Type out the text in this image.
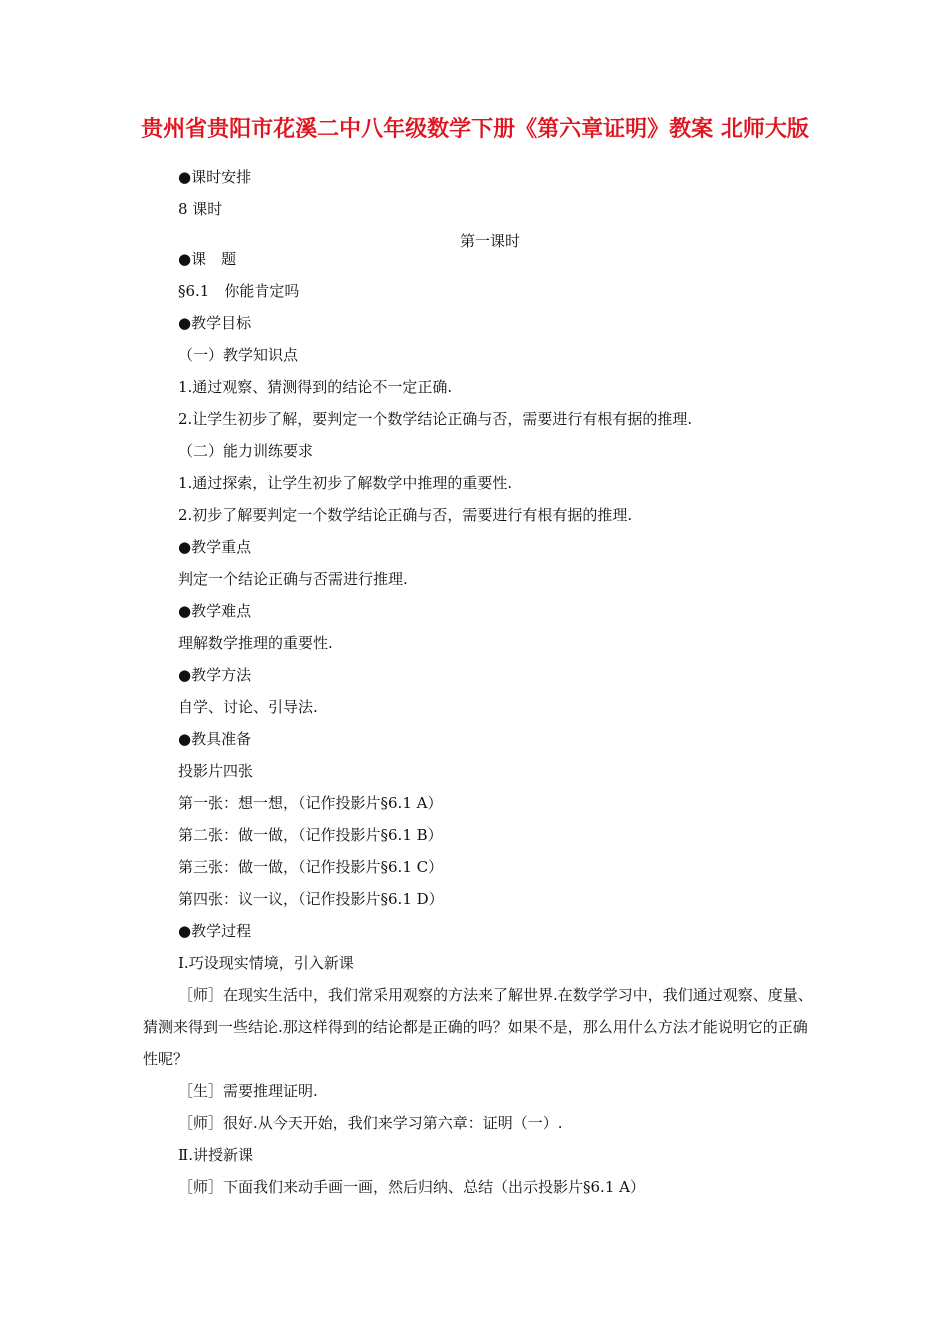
贵州省贵阳市花溪二中八年级数学下册《第六章证明》教案 北师大版
●课时安排
8 课时
第一课时
●课　题
§6.1　你能肯定吗
●教学目标
（一）教学知识点
1.通过观察、猜测得到的结论不一定正确.
2.让学生初步了解，要判定一个数学结论正确与否，需要进行有根有据的推理.
（二）能力训练要求
1.通过探索，让学生初步了解数学中推理的重要性.
2.初步了解要判定一个数学结论正确与否，需要进行有根有据的推理.
●教学重点
判定一个结论正确与否需进行推理.
●教学难点
理解数学推理的重要性.
●教学方法
自学、讨论、引导法.
●教具准备
投影片四张
第一张：想一想，（记作投影片§6.1 A）
第二张：做一做，（记作投影片§6.1 B）
第三张：做一做，（记作投影片§6.1 C）
第四张：议一议，（记作投影片§6.1 D）
●教学过程
Ⅰ.巧设现实情境，引入新课
［师］在现实生活中，我们常采用观察的方法来了解世界.在数学学习中，我们通过观察、度量、猜测来得到一些结论.那这样得到的结论都是正确的吗？如果不是，那么用什么方法才能说明它的正确性呢？
［生］需要推理证明.
［师］很好.从今天开始，我们来学习第六章：证明（一）.
Ⅱ.讲授新课
［师］下面我们来动手画一画，然后归纳、总结（出示投影片§6.1 A）
